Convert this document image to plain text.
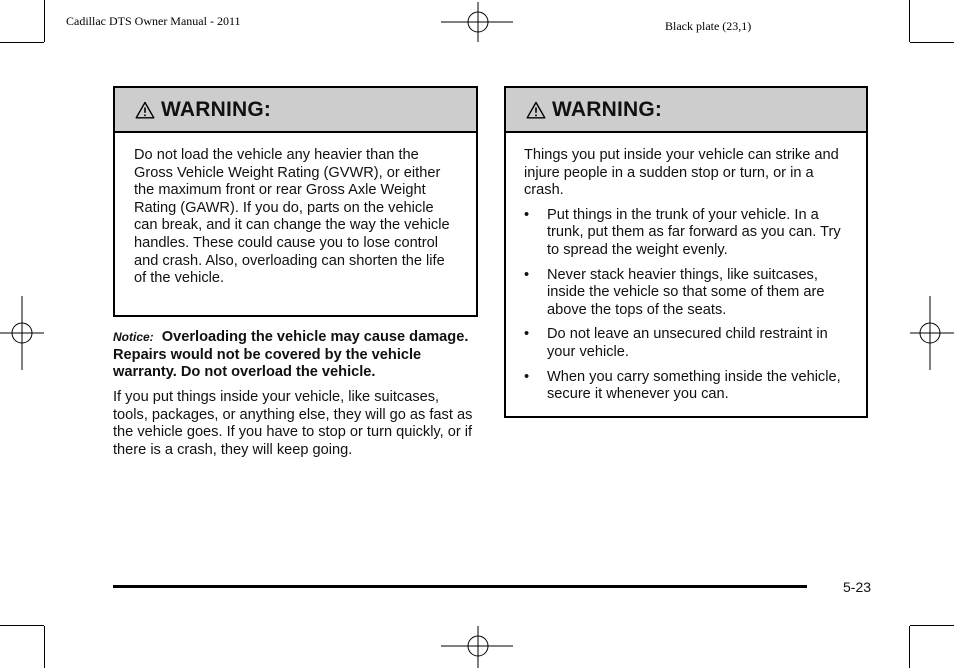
Cadillac DTS Owner Manual - 2011	Black plate (23,1)
WARNING:

Do not load the vehicle any heavier than the Gross Vehicle Weight Rating (GVWR), or either the maximum front or rear Gross Axle Weight Rating (GAWR). If you do, parts on the vehicle can break, and it can change the way the vehicle handles. These could cause you to lose control and crash. Also, overloading can shorten the life of the vehicle.

Notice: Overloading the vehicle may cause damage. Repairs would not be covered by the vehicle warranty. Do not overload the vehicle.
If you put things inside your vehicle, like suitcases, tools, packages, or anything else, they will go as fast as the vehicle goes. If you have to stop or turn quickly, or if there is a crash, they will keep going.
WARNING:

Things you put inside your vehicle can strike and injure people in a sudden stop or turn, or in a crash.

• Put things in the trunk of your vehicle. In a trunk, put them as far forward as you can. Try to spread the weight evenly.
• Never stack heavier things, like suitcases, inside the vehicle so that some of them are above the tops of the seats.
• Do not leave an unsecured child restraint in your vehicle.
• When you carry something inside the vehicle, secure it whenever you can.
5-23
